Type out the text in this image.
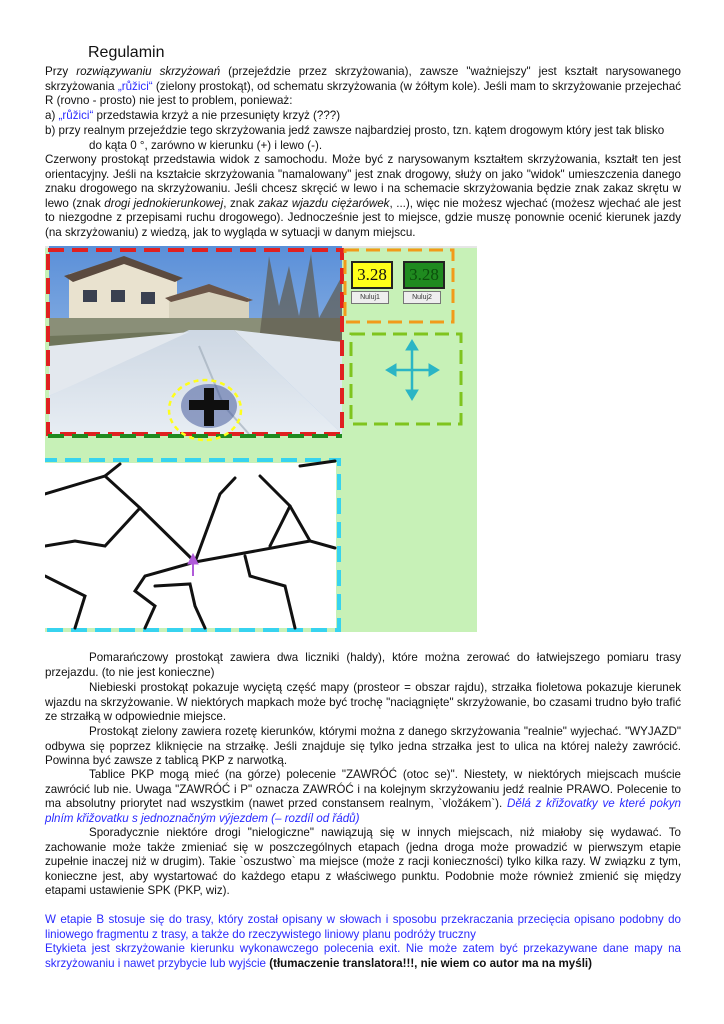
Regulamin
Przy rozwiązywaniu skrzyżowań (przejeździe przez skrzyżowania), zawsze "ważniejszy" jest kształt narysowanego skrzyżowania „růžici“ (zielony prostokąt), od schematu skrzyżowania (w żółtym kole). Jeśli mam to skrzyżowanie przejechać R (rovno - prosto) nie jest to problem, ponieważ:
a) „růžici“ przedstawia krzyż a nie przesunięty krzyż (???)
b) przy realnym przejeździe tego skrzyżowania jedź zawsze najbardziej prosto, tzn. kątem drogowym który jest tak blisko
do kąta 0 °, zarówno w kierunku (+) i lewo (-).
Czerwony prostokąt przedstawia widok z samochodu. Może być z narysowanym kształtem skrzyżowania, kształt ten jest orientacyjny. Jeśli na kształcie skrzyżowania "namalowany" jest znak drogowy, służy on jako "widok" umieszczenia danego znaku drogowego na skrzyżowaniu. Jeśli chcesz skręcić w lewo i na schemacie skrzyżowania będzie znak zakaz skrętu w lewo (znak drogi jednokierunkowej, znak zakaz wjazdu ciężarówek, ...), więc nie możesz wjechać (możesz wjechać ale jest to niezgodne z przepisami ruchu drogowego). Jednocześnie jest to miejsce, gdzie muszę ponownie ocenić kierunek jazdy (na skrzyżowaniu) z wiedzą, jak to wygląda w sytuacji w danym miejscu.
3.28	3.28
Nuluj1	Nuluj2
Pomarańczowy prostokąt zawiera dwa liczniki (haldy), które można zerować do łatwiejszego pomiaru trasy przejazdu. (to nie jest konieczne)
Niebieski prostokąt pokazuje wyciętą część mapy (prosteor = obszar rajdu), strzałka fioletowa pokazuje kierunek wjazdu na skrzyżowanie. W niektórych mapkach może być trochę "naciągnięte" skrzyżowanie, bo czasami trudno było trafić ze strzałką w odpowiednie miejsce.
Prostokąt zielony zawiera rozetę kierunków, którymi można z danego skrzyżowania "realnie" wyjechać. "WYJAZD" odbywa się poprzez kliknięcie na strzałkę. Jeśli znajduje się tylko jedna strzałka jest to ulica na której należy zawrócić. Powinna być zawsze z tablicą PKP z narwotką.
Tablice PKP mogą mieć (na górze) polecenie "ZAWRÓĆ (otoc se)". Niestety, w niektórych miejscach muście zawrócić lub nie. Uwaga "ZAWRÓĆ i P" oznacza ZAWRÓĆ i na kolejnym skrzyżowaniu jedź realnie PRAWO. Polecenie to ma absolutny priorytet nad wszystkim (nawet przed constansem realnym, `vložákem`). Dělá z křižovatky ve které pokyn plním křižovatku s jednoznačným výjezdem (– rozdíl od řádů)
Sporadycznie niektóre drogi "nielogiczne" nawiązują się w innych miejscach, niż miałoby się wydawać. To zachowanie może także zmieniać się w poszczególnych etapach (jedna droga może prowadzić w pierwszym etapie zupełnie inaczej niż w drugim). Takie `oszustwo` ma miejsce (może z racji konieczności) tylko kilka razy. W związku z tym, konieczne jest, aby wystartować do każdego etapu z właściwego punktu. Podobnie może również zmienić się między etapami ustawienie SPK (PKP, wiz).
W etapie B stosuje się do trasy, który został opisany w słowach i sposobu przekraczania przecięcia opisano podobny do liniowego fragmentu z trasy, a także do rzeczywistego liniowy planu podróży truczny
Etykieta jest skrzyżowanie kierunku wykonawczego polecenia exit. Nie może zatem być przekazywane dane mapy na skrzyżowaniu i nawet przybycie lub wyjście (tłumaczenie translatora!!!, nie wiem co autor ma na myśli)
